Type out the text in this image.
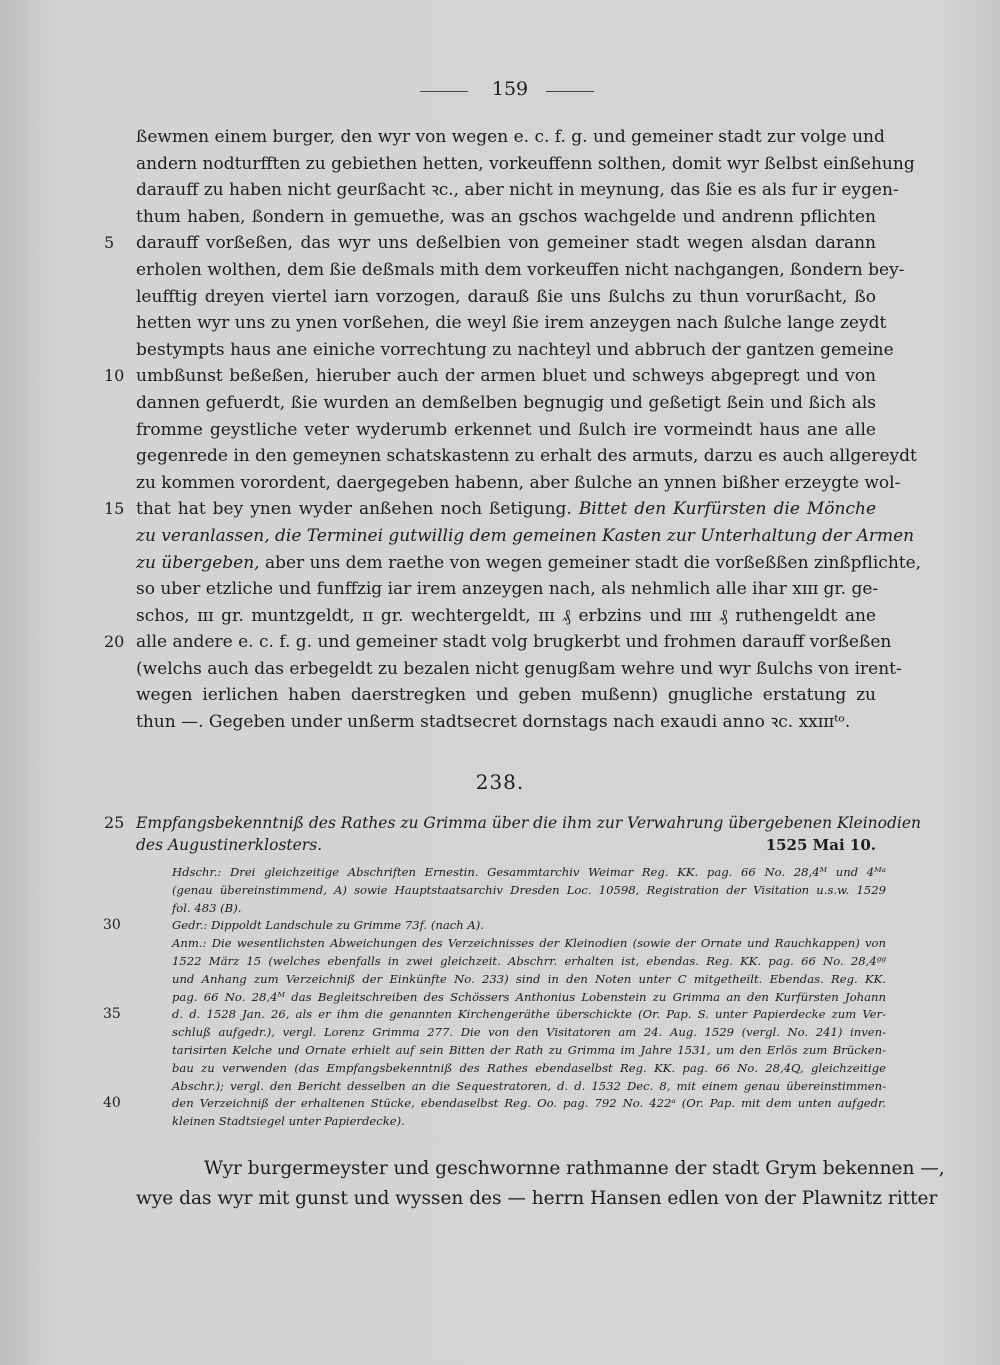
159
ßewmen einem burger, den wyr von wegen e. c. f. g. und gemeiner stadt zur volge und
andern nodturfften zu gebiethen hetten, vorkeuffenn solthen, domit wyr ßelbst einßehung
darauff zu haben nicht geurßacht ꝛc., aber nicht in meynung, das ßie es als fur ir eygen-
thum haben, ßondern in gemuethe, was an gschos wachgelde und andrenn pflichten
5	darauff vorßeßen, das wyr uns deßelbien von gemeiner stadt wegen alsdan darann
erholen wolthen, dem ßie deßmals mith dem vorkeuffen nicht nachgangen, ßondern bey-
leufftig dreyen viertel iarn vorzogen, darauß ßie uns ßulchs zu thun vorurßacht, ßo
hetten wyr uns zu ynen vorßehen, die weyl ßie irem anzeygen nach ßulche lange zeydt
bestympts haus ane einiche vorrechtung zu nachteyl und abbruch der gantzen gemeine
10 umbßunst beßeßen, hieruber auch der armen bluet und schweys abgepregt und von
dannen gefuerdt, ßie wurden an demßelben begnugig und geßetigt ßein und ßich als
fromme geystliche veter wyderumb erkennet und ßulch ire vormeindt haus ane alle
gegenrede in den gemeynen schatskastenn zu erhalt des armuts, darzu es auch allgereydt
zu kommen vorordent, daergegeben habenn, aber ßulche an ynnen bißher erzeygte wol-
15 that hat bey ynen wyder anßehen noch ßetigung. Bittet den Kurfürsten die Mönche
zu veranlassen, die Terminei gutwillig dem gemeinen Kasten zur Unterhaltung der Armen
zu übergeben, aber uns dem raethe von wegen gemeiner stadt die vorßeßßen zinßpflichte,
so uber etzliche und funffzig iar irem anzeygen nach, als nehmlich alle ihar xɪɪɪ gr. ge-
schos, ɪɪɪ gr. muntzgeldt, ɪɪ gr. wechtergeldt, ɪɪɪ ₰ erbzins und ɪɪɪɪ ₰ ruthengeldt ane
20 alle andere e. c. f. g. und gemeiner stadt volg brugkerbt und frohmen darauff vorßeßen
(welchs auch das erbegeldt zu bezalen nicht genugßam wehre und wyr ßulchs von irent-
wegen ierlichen haben daerstregken und geben mußenn) gnugliche erstatung zu
thun —. Gegeben under unßerm stadtsecret dornstags nach exaudi anno ꝛc. xxɪɪɪᵗᵒ.
238.
25 Empfangsbekenntniß des Rathes zu Grimma über die ihm zur Verwahrung übergebenen Kleinodien
des Augustinerklosters.	1525 Mai 10.
Hdschr.: Drei gleichzeitige Abschriften Ernestin. Gesammtarchiv Weimar Reg. KK. pag. 66 No. 28,4ᴹ und 4ᴹᵃ
(genau übereinstimmend, A) sowie Hauptstaatsarchiv Dresden Loc. 10598, Registration der Visitation u.s.w. 1529
fol. 483 (B).
30	Gedr.: Dippoldt Landschule zu Grimme 73f. (nach A).
Anm.: Die wesentlichsten Abweichungen des Verzeichnisses der Kleinodien (sowie der Ornate und Rauchkappen) von
1522 März 15 (welches ebenfalls in zwei gleichzeit. Abschrr. erhalten ist, ebendas. Reg. KK. pag. 66 No. 28,4ᵍᵍ
und Anhang zum Verzeichniß der Einkünfte No. 233) sind in den Noten unter C mitgetheilt. Ebendas. Reg. KK.
pag. 66 No. 28,4ᴹ das Begleitschreiben des Schössers Anthonius Lobenstein zu Grimma an den Kurfürsten Johann
35	d. d. 1528 Jan. 26, als er ihm die genannten Kirchengeräthe überschickte (Or. Pap. S. unter Papierdecke zum Ver-
schluß aufgedr.), vergl. Lorenz Grimma 277. Die von den Visitatoren am 24. Aug. 1529 (vergl. No. 241) inven-
tarisirten Kelche und Ornate erhielt auf sein Bitten der Rath zu Grimma im Jahre 1531, um den Erlös zum Brücken-
bau zu verwenden (das Empfangsbekenntniß des Rathes ebendaselbst Reg. KK. pag. 66 No. 28,4Q, gleichzeitige
Abschr.); vergl. den Bericht desselben an die Sequestratoren, d. d. 1532 Dec. 8, mit einem genau übereinstimmen-
40	den Verzeichniß der erhaltenen Stücke, ebendaselbst Reg. Oo. pag. 792 No. 422ᵃ (Or. Pap. mit dem unten aufgedr.
kleinen Stadtsiegel unter Papierdecke).
Wyr burgermeyster und geschwornne rathmanne der stadt Grym bekennen —,
wye das wyr mit gunst und wyssen des — herrn Hansen edlen von der Plawnitz ritter
